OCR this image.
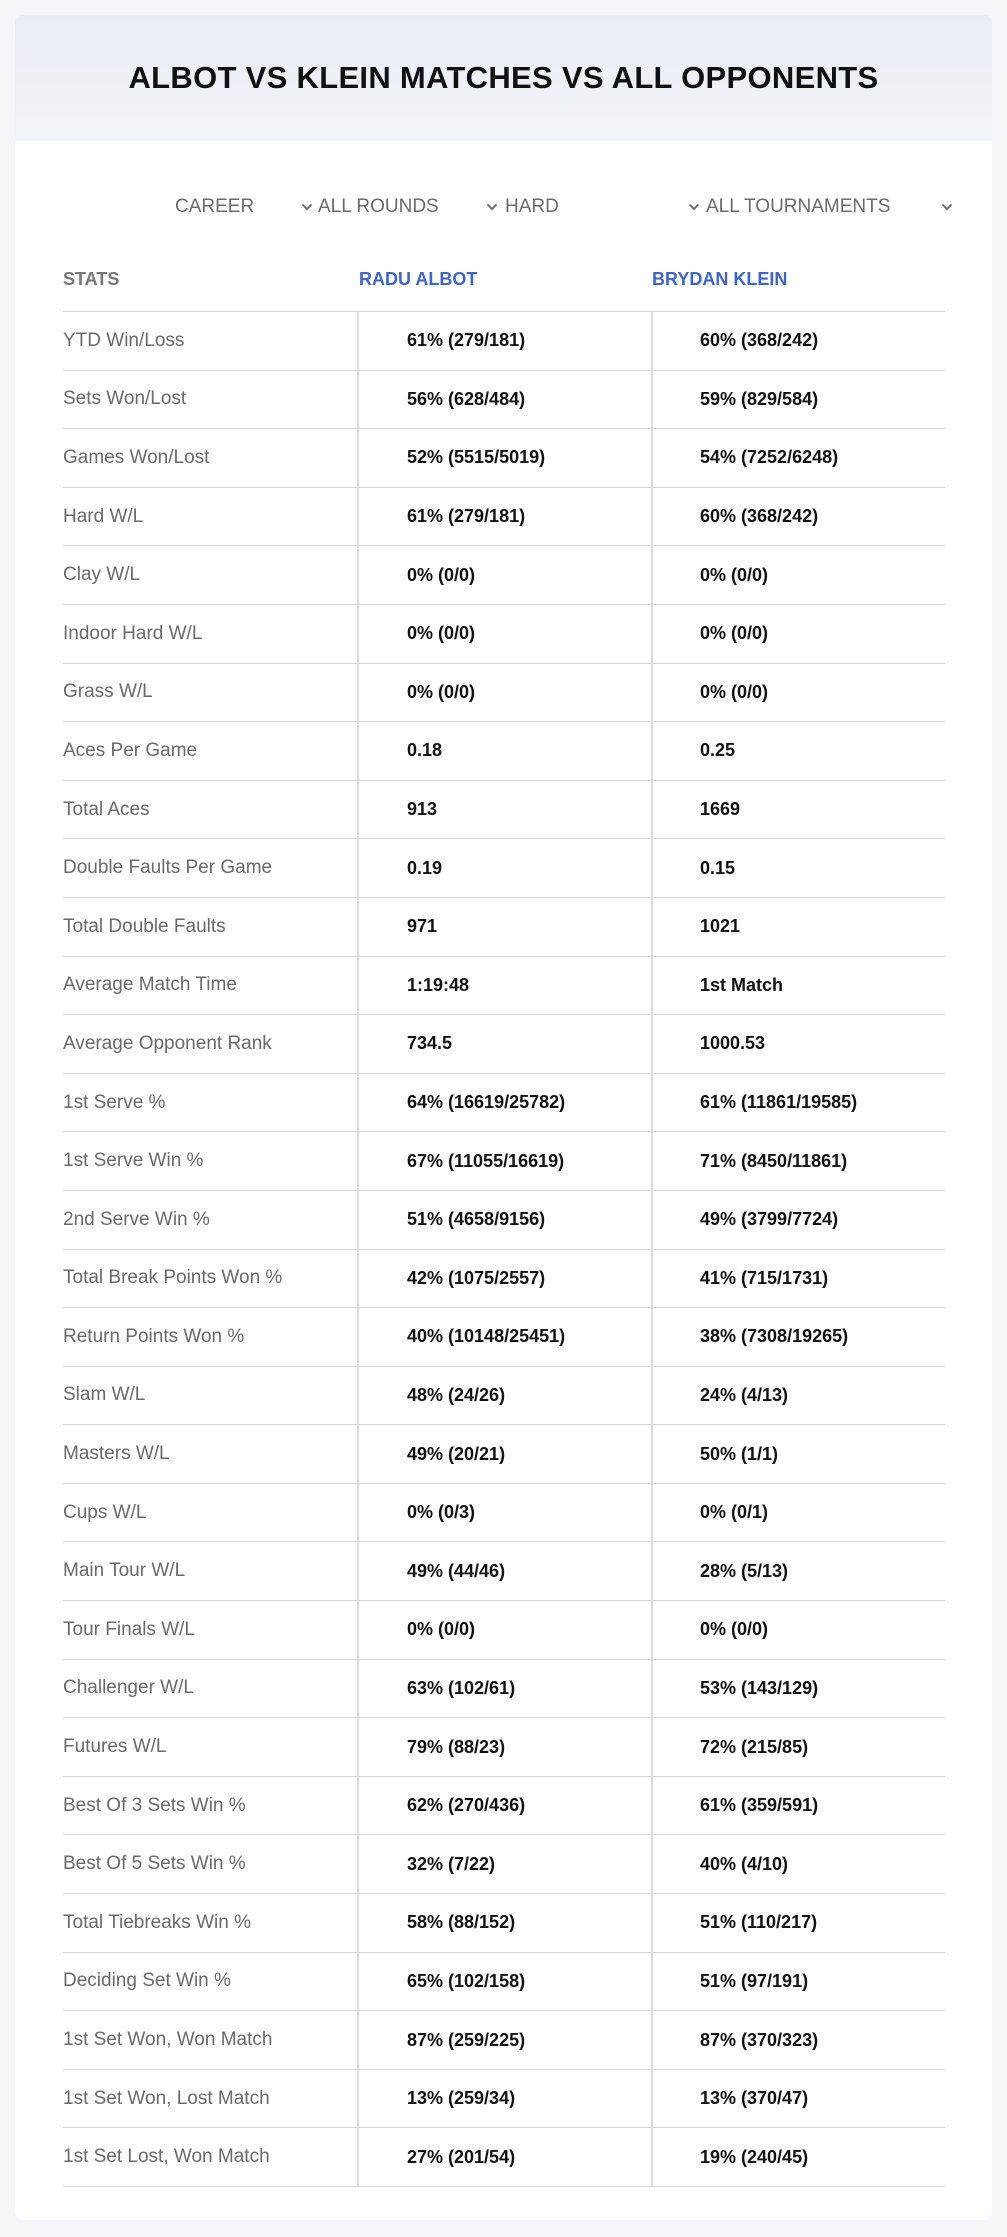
ALBOT VS KLEIN MATCHES VS ALL OPPONENTS
CAREER	ALL ROUNDS	HARD	ALL TOURNAMENTS
STATS	RADU ALBOT	BRYDAN KLEIN
YTD Win/Loss	61% (279/181)	60% (368/242)
Sets Won/Lost	56% (628/484)	59% (829/584)
Games Won/Lost	52% (5515/5019)	54% (7252/6248)
Hard W/L	61% (279/181)	60% (368/242)
Clay W/L	0% (0/0)	0% (0/0)
Indoor Hard W/L	0% (0/0)	0% (0/0)
Grass W/L	0% (0/0)	0% (0/0)
Aces Per Game	0.18	0.25
Total Aces	913	1669
Double Faults Per Game	0.19	0.15
Total Double Faults	971	1021
Average Match Time	1:19:48	1st Match
Average Opponent Rank	734.5	1000.53
1st Serve %	64% (16619/25782)	61% (11861/19585)
1st Serve Win %	67% (11055/16619)	71% (8450/11861)
2nd Serve Win %	51% (4658/9156)	49% (3799/7724)
Total Break Points Won %	42% (1075/2557)	41% (715/1731)
Return Points Won %	40% (10148/25451)	38% (7308/19265)
Slam W/L	48% (24/26)	24% (4/13)
Masters W/L	49% (20/21)	50% (1/1)
Cups W/L	0% (0/3)	0% (0/1)
Main Tour W/L	49% (44/46)	28% (5/13)
Tour Finals W/L	0% (0/0)	0% (0/0)
Challenger W/L	63% (102/61)	53% (143/129)
Futures W/L	79% (88/23)	72% (215/85)
Best Of 3 Sets Win %	62% (270/436)	61% (359/591)
Best Of 5 Sets Win %	32% (7/22)	40% (4/10)
Total Tiebreaks Win %	58% (88/152)	51% (110/217)
Deciding Set Win %	65% (102/158)	51% (97/191)
1st Set Won, Won Match	87% (259/225)	87% (370/323)
1st Set Won, Lost Match	13% (259/34)	13% (370/47)
1st Set Lost, Won Match	27% (201/54)	19% (240/45)
